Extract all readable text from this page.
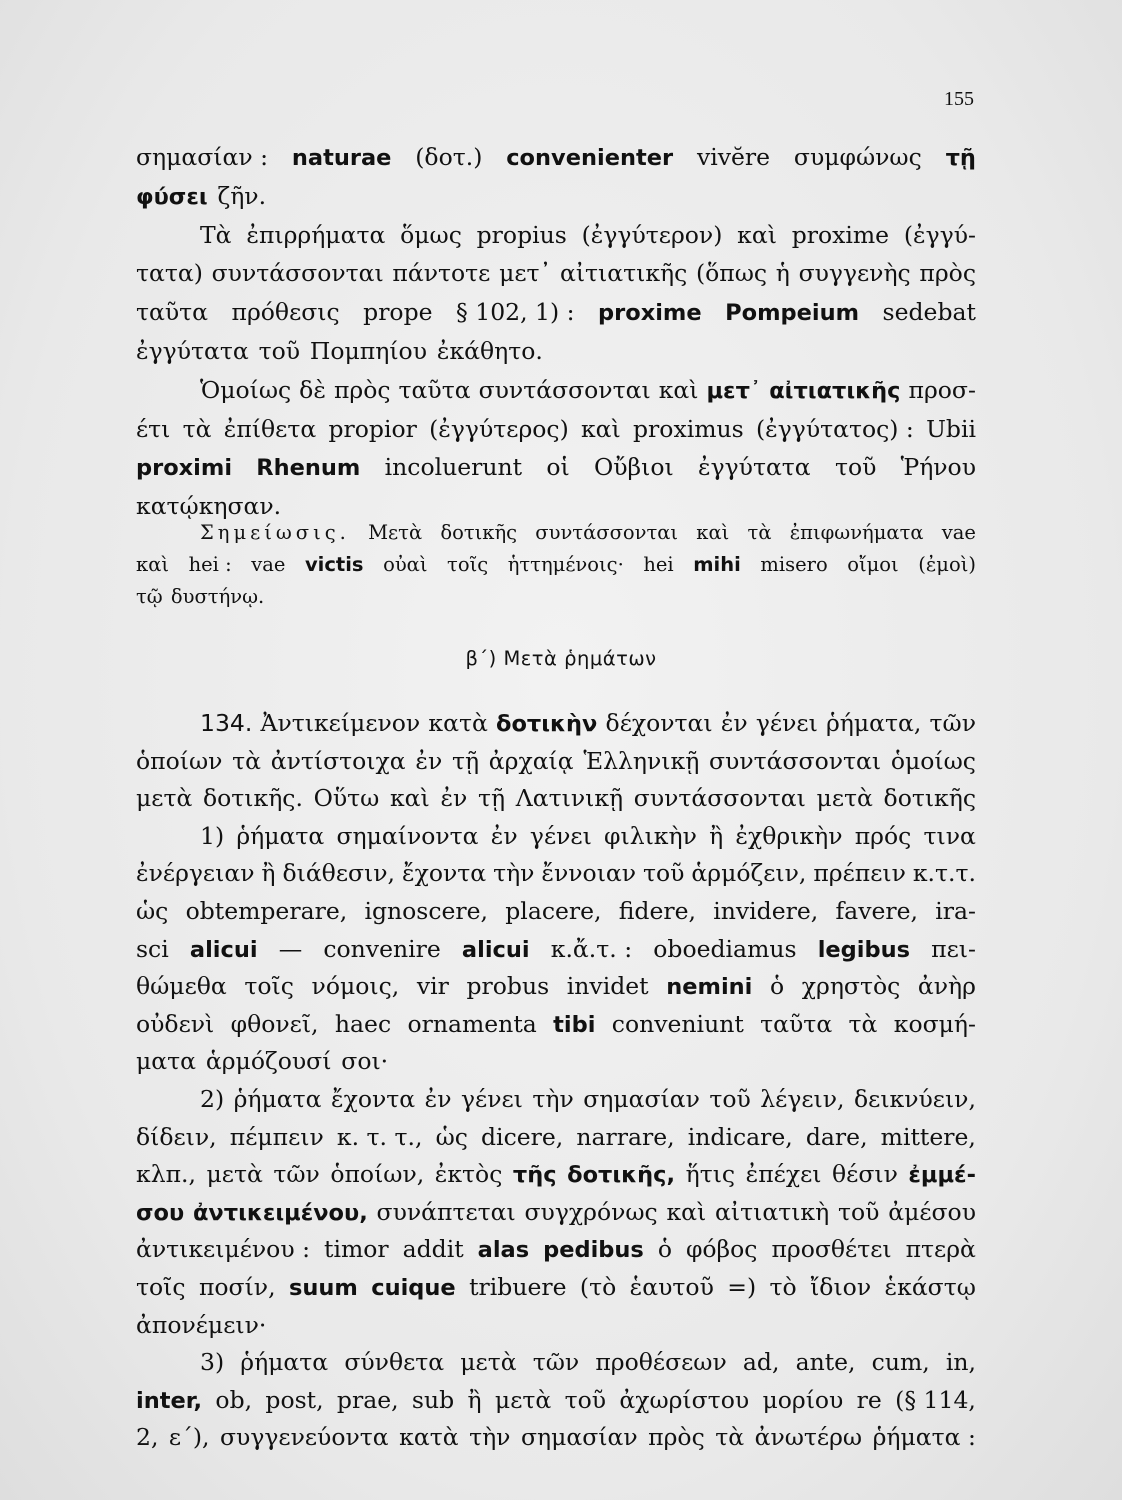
155
σημασίαν : naturae (δοτ.) convenienter vivĕre συμφώνως τῇ
φύσει ζῆν.
Τὰ ἐπιρρήματα ὅμως propius (ἐγγύτερον) καὶ proxime (ἐγγύ-
τατα) συντάσσονται πάντοτε μετ᾽ αἰτιατικῆς (ὅπως ἡ συγγενὴς πρὸς
ταῦτα πρόθεσις prope § 102, 1) : proxime Pompeium sedebat
ἐγγύτατα τοῦ Πομπηίου ἐκάθητο.
Ὁμοίως δὲ πρὸς ταῦτα συντάσσονται καὶ μετ᾽ αἰτιατικῆς προσ-
έτι τὰ ἐπίθετα propior (ἐγγύτερος) καὶ proximus (ἐγγύτατος) : Ubii
proximi Rhenum incoluerunt οἱ Οὔβιοι ἐγγύτατα τοῦ Ῥήνου
κατῴκησαν.
Σημείωσις. Μετὰ δοτικῆς συντάσσονται καὶ τὰ ἐπιφωνήματα vae
καὶ hei : vae victis οὐαὶ τοῖς ἡττημένοις· hei mihi misero οἴμοι (ἐμοὶ)
τῷ δυστήνῳ.
β΄) Μετὰ ῥημάτων
134. Ἀντικείμενον κατὰ δοτικὴν δέχονται ἐν γένει ῥήματα, τῶν
ὁποίων τὰ ἀντίστοιχα ἐν τῇ ἀρχαίᾳ Ἑλληνικῇ συντάσσονται ὁμοίως
μετὰ δοτικῆς. Οὕτω καὶ ἐν τῇ Λατινικῇ συντάσσονται μετὰ δοτικῆς
1) ῥήματα σημαίνοντα ἐν γένει φιλικὴν ἢ ἐχθρικὴν πρός τινα
ἐνέργειαν ἢ διάθεσιν, ἔχοντα τὴν ἔννοιαν τοῦ ἁρμόζειν, πρέπειν κ.τ.τ.
ὡς obtemperare, ignoscere, placere, fidere, invidere, favere, ira-
sci alicui — convenire alicui κ.ἄ.τ. : oboediamus legibus πει-
θώμεθα τοῖς νόμοις, vir probus invidet nemini ὁ χρηστὸς ἀνὴρ
οὐδενὶ φθονεῖ, haec ornamenta tibi conveniunt ταῦτα τὰ κοσμή-
ματα ἁρμόζουσί σοι·
2) ῥήματα ἔχοντα ἐν γένει τὴν σημασίαν τοῦ λέγειν, δεικνύειν,
δίδειν, πέμπειν κ. τ. τ., ὡς dicere, narrare, indicare, dare, mittere,
κλπ., μετὰ τῶν ὁποίων, ἐκτὸς τῆς δοτικῆς, ἥτις ἐπέχει θέσιν ἐμμέ-
σου ἀντικειμένου, συνάπτεται συγχρόνως καὶ αἰτιατικὴ τοῦ ἀμέσου
ἀντικειμένου : timor addit alas pedibus ὁ φόβος προσθέτει πτερὰ
τοῖς ποσίν, suum cuique tribuere (τὸ ἑαυτοῦ =) τὸ ἴδιον ἑκάστῳ
ἀπονέμειν·
3) ῥήματα σύνθετα μετὰ τῶν προθέσεων ad, ante, cum, in,
inter, ob, post, prae, sub ἢ μετὰ τοῦ ἀχωρίστου μορίου re (§ 114,
2, ε΄), συγγενεύοντα κατὰ τὴν σημασίαν πρὸς τὰ ἀνωτέρω ῥήματα :
